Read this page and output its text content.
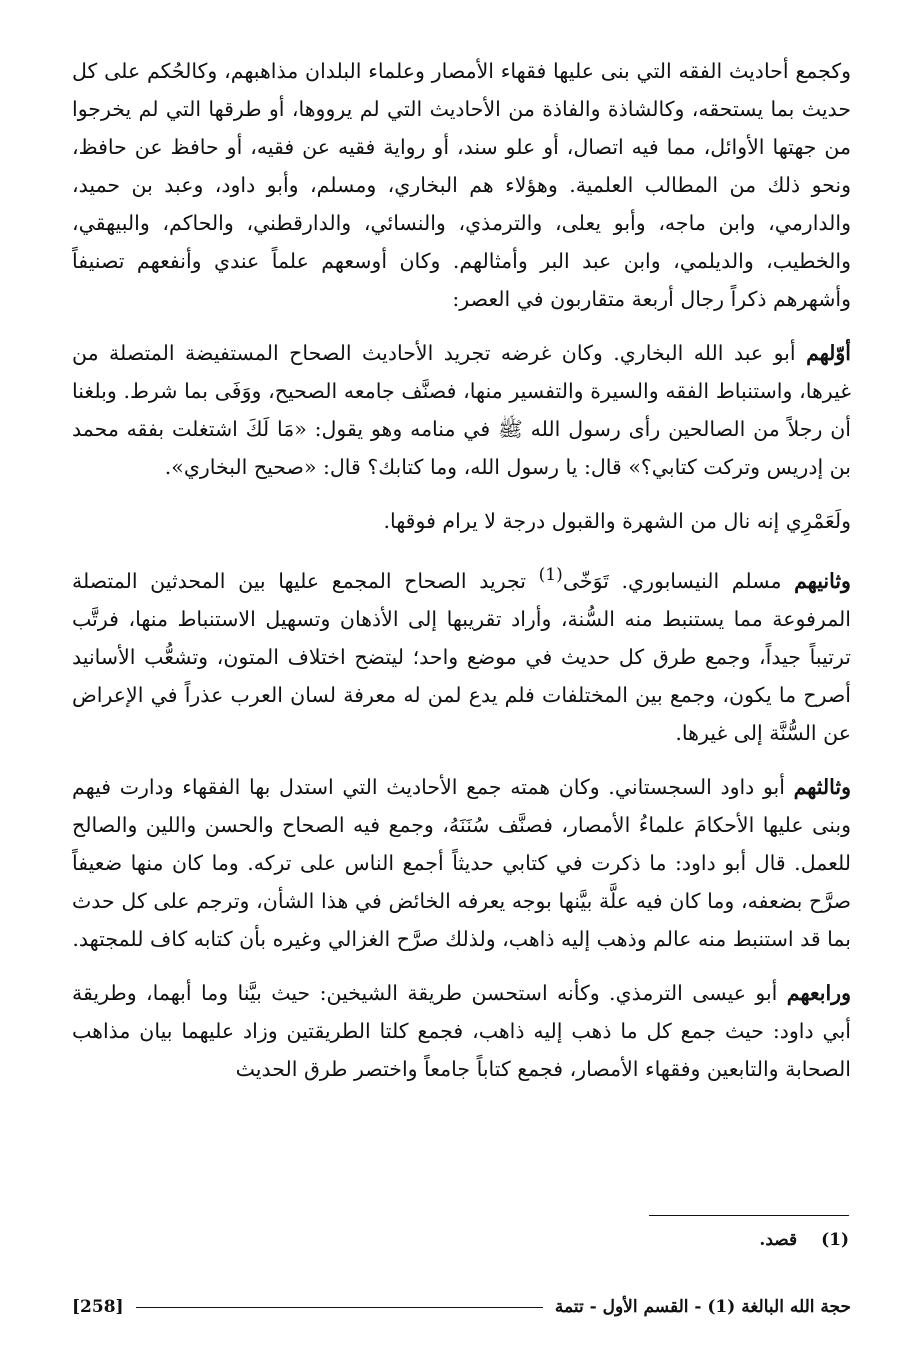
وكجمع أحاديث الفقه التي بنى عليها فقهاء الأمصار وعلماء البلدان مذاهبهم، وكالحُكم على كل حديث بما يستحقه، وكالشاذة والفاذة من الأحاديث التي لم يرووها، أو طرقها التي لم يخرجوا من جهتها الأوائل، مما فيه اتصال، أو علو سند، أو رواية فقيه عن فقيه، أو حافظ عن حافظ، ونحو ذلك من المطالب العلمية. وهؤلاء هم البخاري، ومسلم، وأبو داود، وعبد بن حميد، والدارمي، وابن ماجه، وأبو يعلى، والترمذي، والنسائي، والدارقطني، والحاكم، والبيهقي، والخطيب، والديلمي، وابن عبد البر وأمثالهم. وكان أوسعهم علماً عندي وأنفعهم تصنيفاً وأشهرهم ذكراً رجال أربعة متقاربون في العصر:

أوّلهم أبو عبد الله البخاري. وكان غرضه تجريد الأحاديث الصحاح المستفيضة المتصلة من غيرها، واستنباط الفقه والسيرة والتفسير منها، فصنَّف جامعه الصحيح، ووَفَى بما شرط. وبلغنا أن رجلاً من الصالحين رأى رسول الله ﷺ في منامه وهو يقول: «مَا لَكَ اشتغلت بفقه محمد بن إدريس وتركت كتابي؟» قال: يا رسول الله، وما كتابك؟ قال: «صحيح البخاري».

ولَعَمْرِي إنه نال من الشهرة والقبول درجة لا يرام فوقها.

وثانيهم مسلم النيسابوري. تَوَخّى$^{(1)}$ تجريد الصحاح المجمع عليها بين المحدثين المتصلة المرفوعة مما يستنبط منه السُّنة، وأراد تقريبها إلى الأذهان وتسهيل الاستنباط منها، فرتَّب ترتيباً جيداً، وجمع طرق كل حديث في موضع واحد؛ ليتضح اختلاف المتون، وتشعُّب الأسانيد أصرح ما يكون، وجمع بين المختلفات فلم يدع لمن له معرفة لسان العرب عذراً في الإعراض عن السُّنَّة إلى غيرها.

وثالثهم أبو داود السجستاني. وكان همته جمع الأحاديث التي استدل بها الفقهاء ودارت فيهم وبنى عليها الأحكامَ علماءُ الأمصار، فصنَّف سُنَنَهُ، وجمع فيه الصحاح والحسن واللين والصالح للعمل. قال أبو داود: ما ذكرت في كتابي حديثاً أجمع الناس على تركه. وما كان منها ضعيفاً صرَّح بضعفه، وما كان فيه علَّة بيَّنها بوجه يعرفه الخائض في هذا الشأن، وترجم على كل حدث بما قد استنبط منه عالم وذهب إليه ذاهب، ولذلك صرَّح الغزالي وغيره بأن كتابه كاف للمجتهد.

ورابعهم أبو عيسى الترمذي. وكأنه استحسن طريقة الشيخين: حيث بيَّنا وما أبهما، وطريقة أبي داود: حيث جمع كل ما ذهب إليه ذاهب، فجمع كلتا الطريقتين وزاد عليهما بيان مذاهب الصحابة والتابعين وفقهاء الأمصار، فجمع كتاباً جامعاً واختصر طرق الحديث

(1) قصد.
حجة الله البالغة (1) - القسم الأول - تتمة
[258]
